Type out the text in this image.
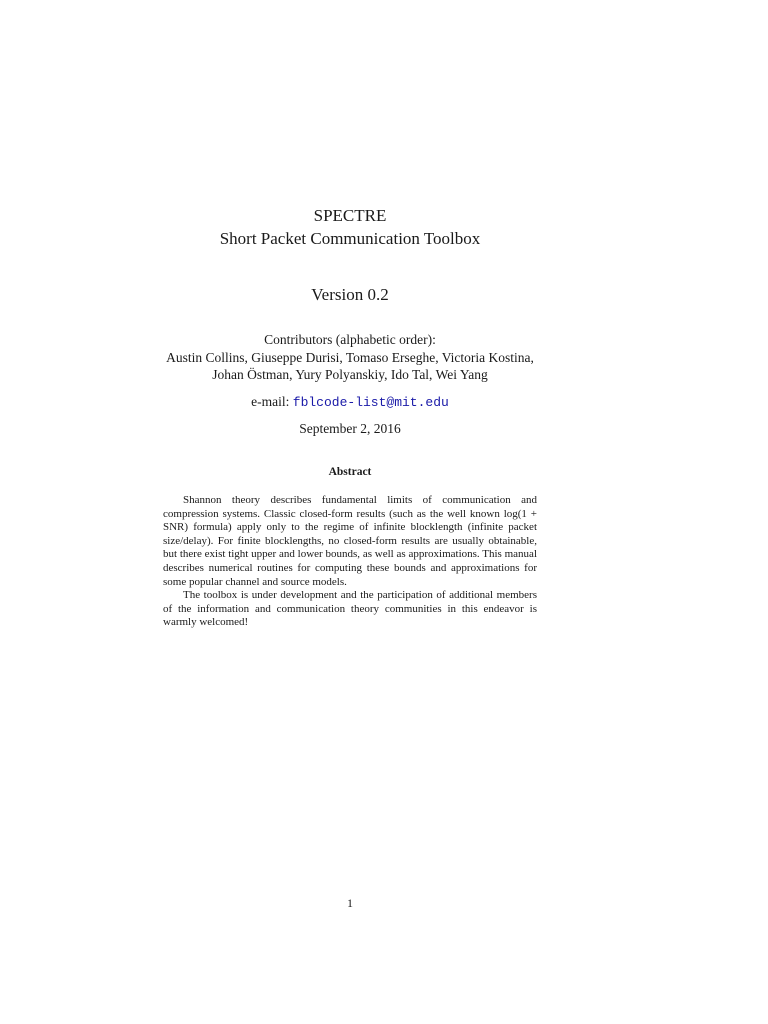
SPECTRE
Short Packet Communication Toolbox
Version 0.2
Contributors (alphabetic order):
Austin Collins, Giuseppe Durisi, Tomaso Erseghe, Victoria Kostina,
Johan Östman, Yury Polyanskiy, Ido Tal, Wei Yang
e-mail: fblcode-list@mit.edu
September 2, 2016
Abstract

Shannon theory describes fundamental limits of communication and compression systems. Classic closed-form results (such as the well known log(1 + SNR) formula) apply only to the regime of infinite blocklength (infinite packet size/delay). For finite blocklengths, no closed-form results are usually obtainable, but there exist tight upper and lower bounds, as well as approximations. This manual describes numerical routines for computing these bounds and approximations for some popular channel and source models.

The toolbox is under development and the participation of additional members of the information and communication theory communities in this endeavor is warmly welcomed!

1
